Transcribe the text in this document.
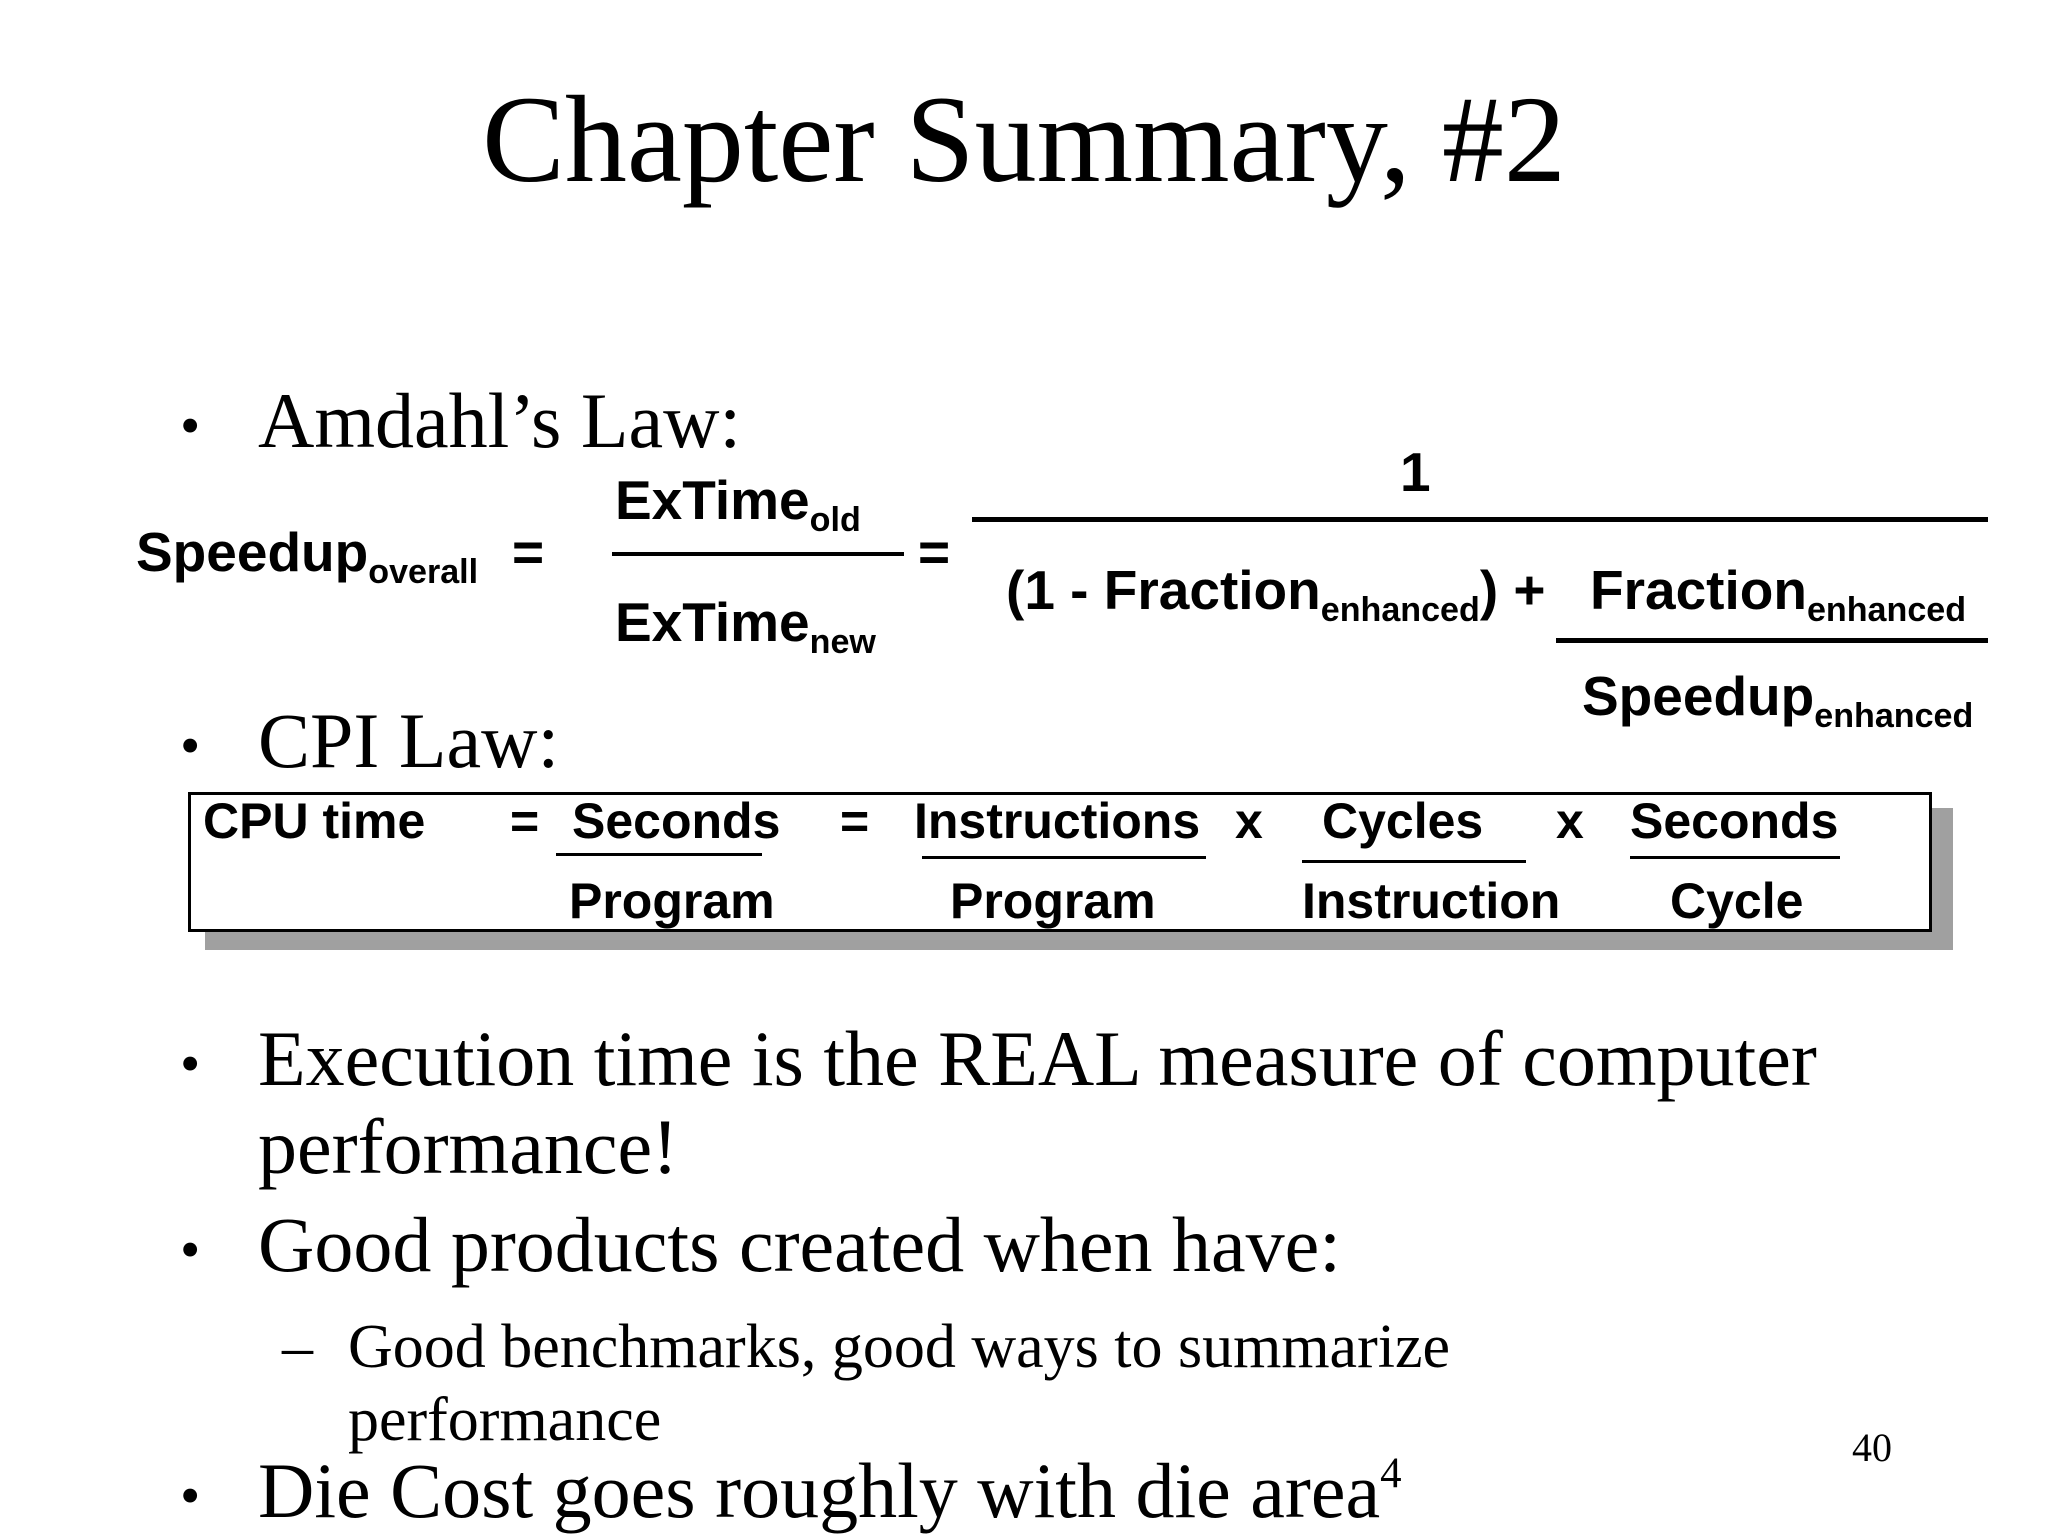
Chapter Summary, #2
• Amdahl’s Law:
Speedup$_{overall}$ =
ExTime$_{old}$
ExTime$_{new}$
=
1
(1 - Fraction$_{enhanced}$) + Fraction$_{enhanced}$
Speedup$_{enhanced}$
• CPI Law:
CPU time = Seconds
Program
= Instructions
Program
x Cycles
Instruction
x Seconds
Cycle
• Execution time is the REAL measure of computer
performance!
• Good products created when have:
– Good benchmarks, good ways to summarize
performance	40
• Die Cost goes roughly with die area$^4$
